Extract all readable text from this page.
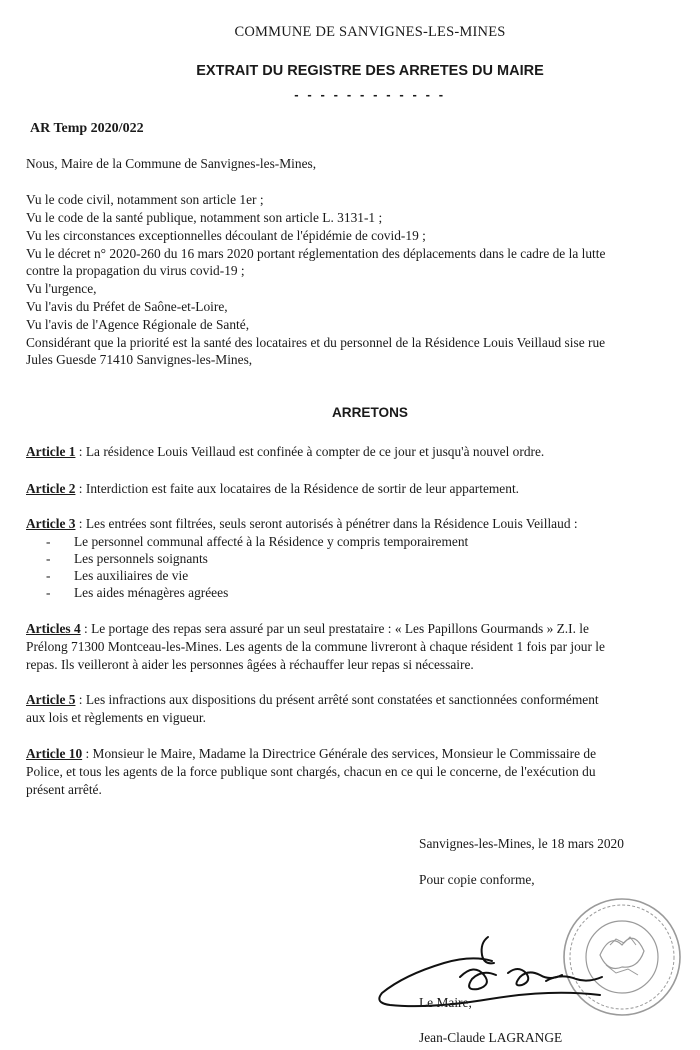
COMMUNE DE SANVIGNES-LES-MINES
EXTRAIT DU REGISTRE DES ARRETES DU MAIRE
- - - - - - - - - - - -
AR Temp 2020/022
Nous, Maire de la Commune de Sanvignes-les-Mines,
Vu le code civil, notamment son article 1er ;
Vu le code de la santé publique, notamment son article L. 3131-1 ;
Vu les circonstances exceptionnelles découlant de l'épidémie de covid-19 ;
Vu le décret n° 2020-260 du 16 mars 2020 portant réglementation des déplacements dans le cadre de la lutte
contre la propagation du virus covid-19 ;
Vu l'urgence,
Vu l'avis du Préfet de Saône-et-Loire,
Vu l'avis de l'Agence Régionale de Santé,
Considérant que la priorité est la santé des locataires et du personnel de la Résidence Louis Veillaud sise rue
Jules Guesde 71410 Sanvignes-les-Mines,
ARRETONS
Article 1 : La résidence Louis Veillaud est confinée à compter de ce jour et jusqu'à nouvel ordre.
Article 2 : Interdiction est faite aux locataires de la Résidence de sortir de leur appartement.
Article 3 : Les entrées sont filtrées, seuls seront autorisés à pénétrer dans la Résidence Louis Veillaud :
- Le personnel communal affecté à la Résidence y compris temporairement
- Les personnels soignants
- Les auxiliaires de vie
- Les aides ménagères agréees
Articles 4 : Le portage des repas sera assuré par un seul prestataire : « Les Papillons Gourmands » Z.I. le
Prélong 71300 Montceau-les-Mines. Les agents de la commune livreront à chaque résident 1 fois par jour le
repas. Ils veilleront à aider les personnes âgées à réchauffer leur repas si nécessaire.
Article 5 : Les infractions aux dispositions du présent arrêté sont constatées et sanctionnées conformément
aux lois et règlements en vigueur.
Article 10 : Monsieur le Maire, Madame la Directrice Générale des services, Monsieur le Commissaire de
Police, et tous les agents de la force publique sont chargés, chacun en ce qui le concerne, de l'exécution du
présent arrêté.
Sanvignes-les-Mines, le 18 mars 2020
Pour copie conforme,
Le Maire,
Jean-Claude LAGRANGE
